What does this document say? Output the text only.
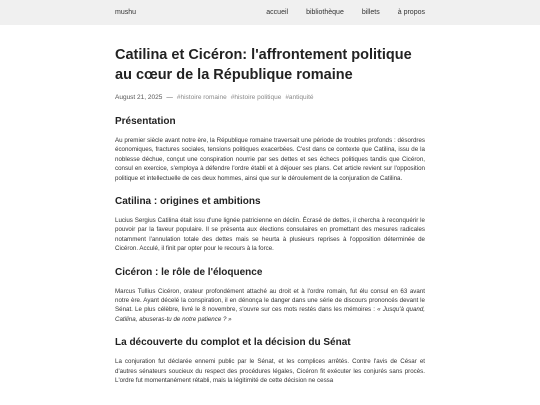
mushu	accueil	bibliothèque	billets	à propos
Catilina et Cicéron: l'affrontement politique au cœur de la République romaine
August 21, 2025 — #histoire romaine #histoire politique #antiquité
Présentation

Au premier siècle avant notre ère, la République romaine traversait une période de troubles profonds : désordres économiques, fractures sociales, tensions politiques exacerbées. C'est dans ce contexte que Catilina, issu de la noblesse déchue, conçut une conspiration nourrie par ses dettes et ses échecs politiques tandis que Cicéron, consul en exercice, s'employa à défendre l'ordre établi et à déjouer ses plans. Cet article revient sur l'opposition politique et intellectuelle de ces deux hommes, ainsi que sur le déroulement de la conjuration de Catilina.

Catilina : origines et ambitions

Lucius Sergius Catilina était issu d'une lignée patricienne en déclin. Écrasé de dettes, il chercha à reconquérir le pouvoir par la faveur populaire. Il se présenta aux élections consulaires en promettant des mesures radicales notamment l'annulation totale des dettes mais se heurta à plusieurs reprises à l'opposition déterminée de Cicéron. Acculé, il finit par opter pour le recours à la force.

Cicéron : le rôle de l'éloquence

Marcus Tullius Cicéron, orateur profondément attaché au droit et à l'ordre romain, fut élu consul en 63 avant notre ère. Ayant décelé la conspiration, il en dénonça le danger dans une série de discours prononcés devant le Sénat. Le plus célèbre, livré le 8 novembre, s'ouvre sur ces mots restés dans les mémoires : « Jusqu'à quand, Catilina, abuseras-tu de notre patience ? »

La découverte du complot et la décision du Sénat

La conjuration fut déclarée ennemi public par le Sénat, et les complices arrêtés. Contre l'avis de César et d'autres sénateurs soucieux du respect des procédures légales, Cicéron fit exécuter les conjurés sans procès. L'ordre fut momentanément rétabli, mais la légitimité de cette décision ne cessa
